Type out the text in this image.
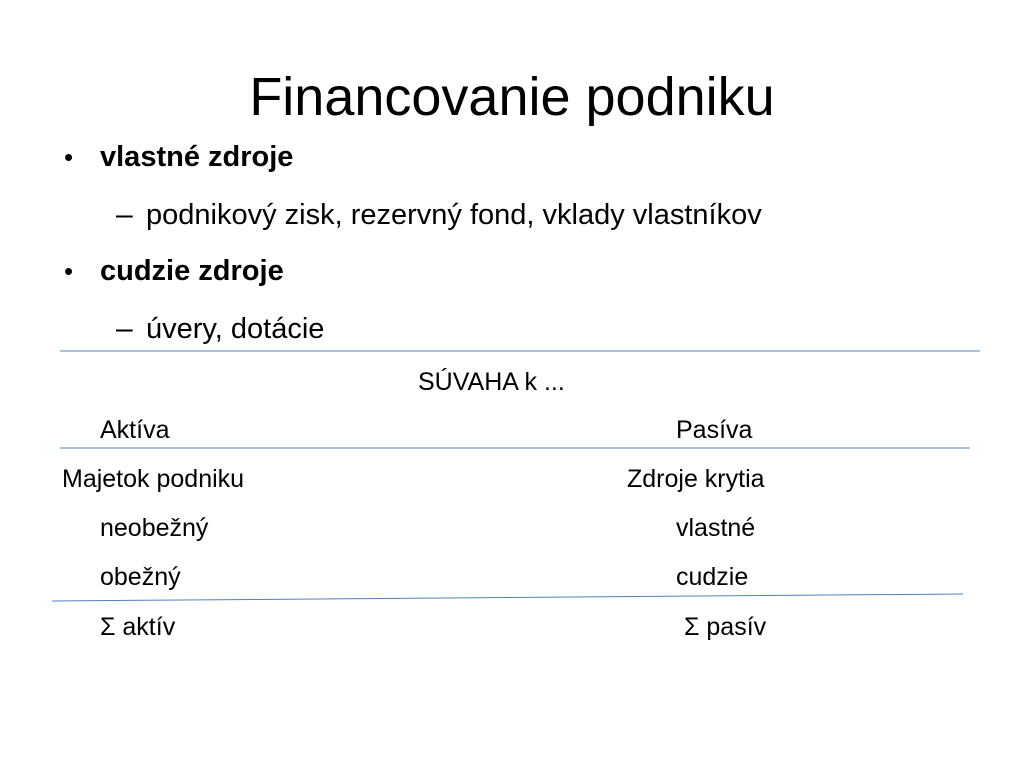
Financovanie podniku
• vlastné zdroje
– podnikový zisk, rezervný fond, vklady vlastníkov
• cudzie zdroje
– úvery, dotácie
SÚVAHA k ...
Aktíva	Pasíva
Majetok podniku	Zdroje krytia
neobežný	vlastné
obežný	cudzie
Σ aktív	Σ pasív
